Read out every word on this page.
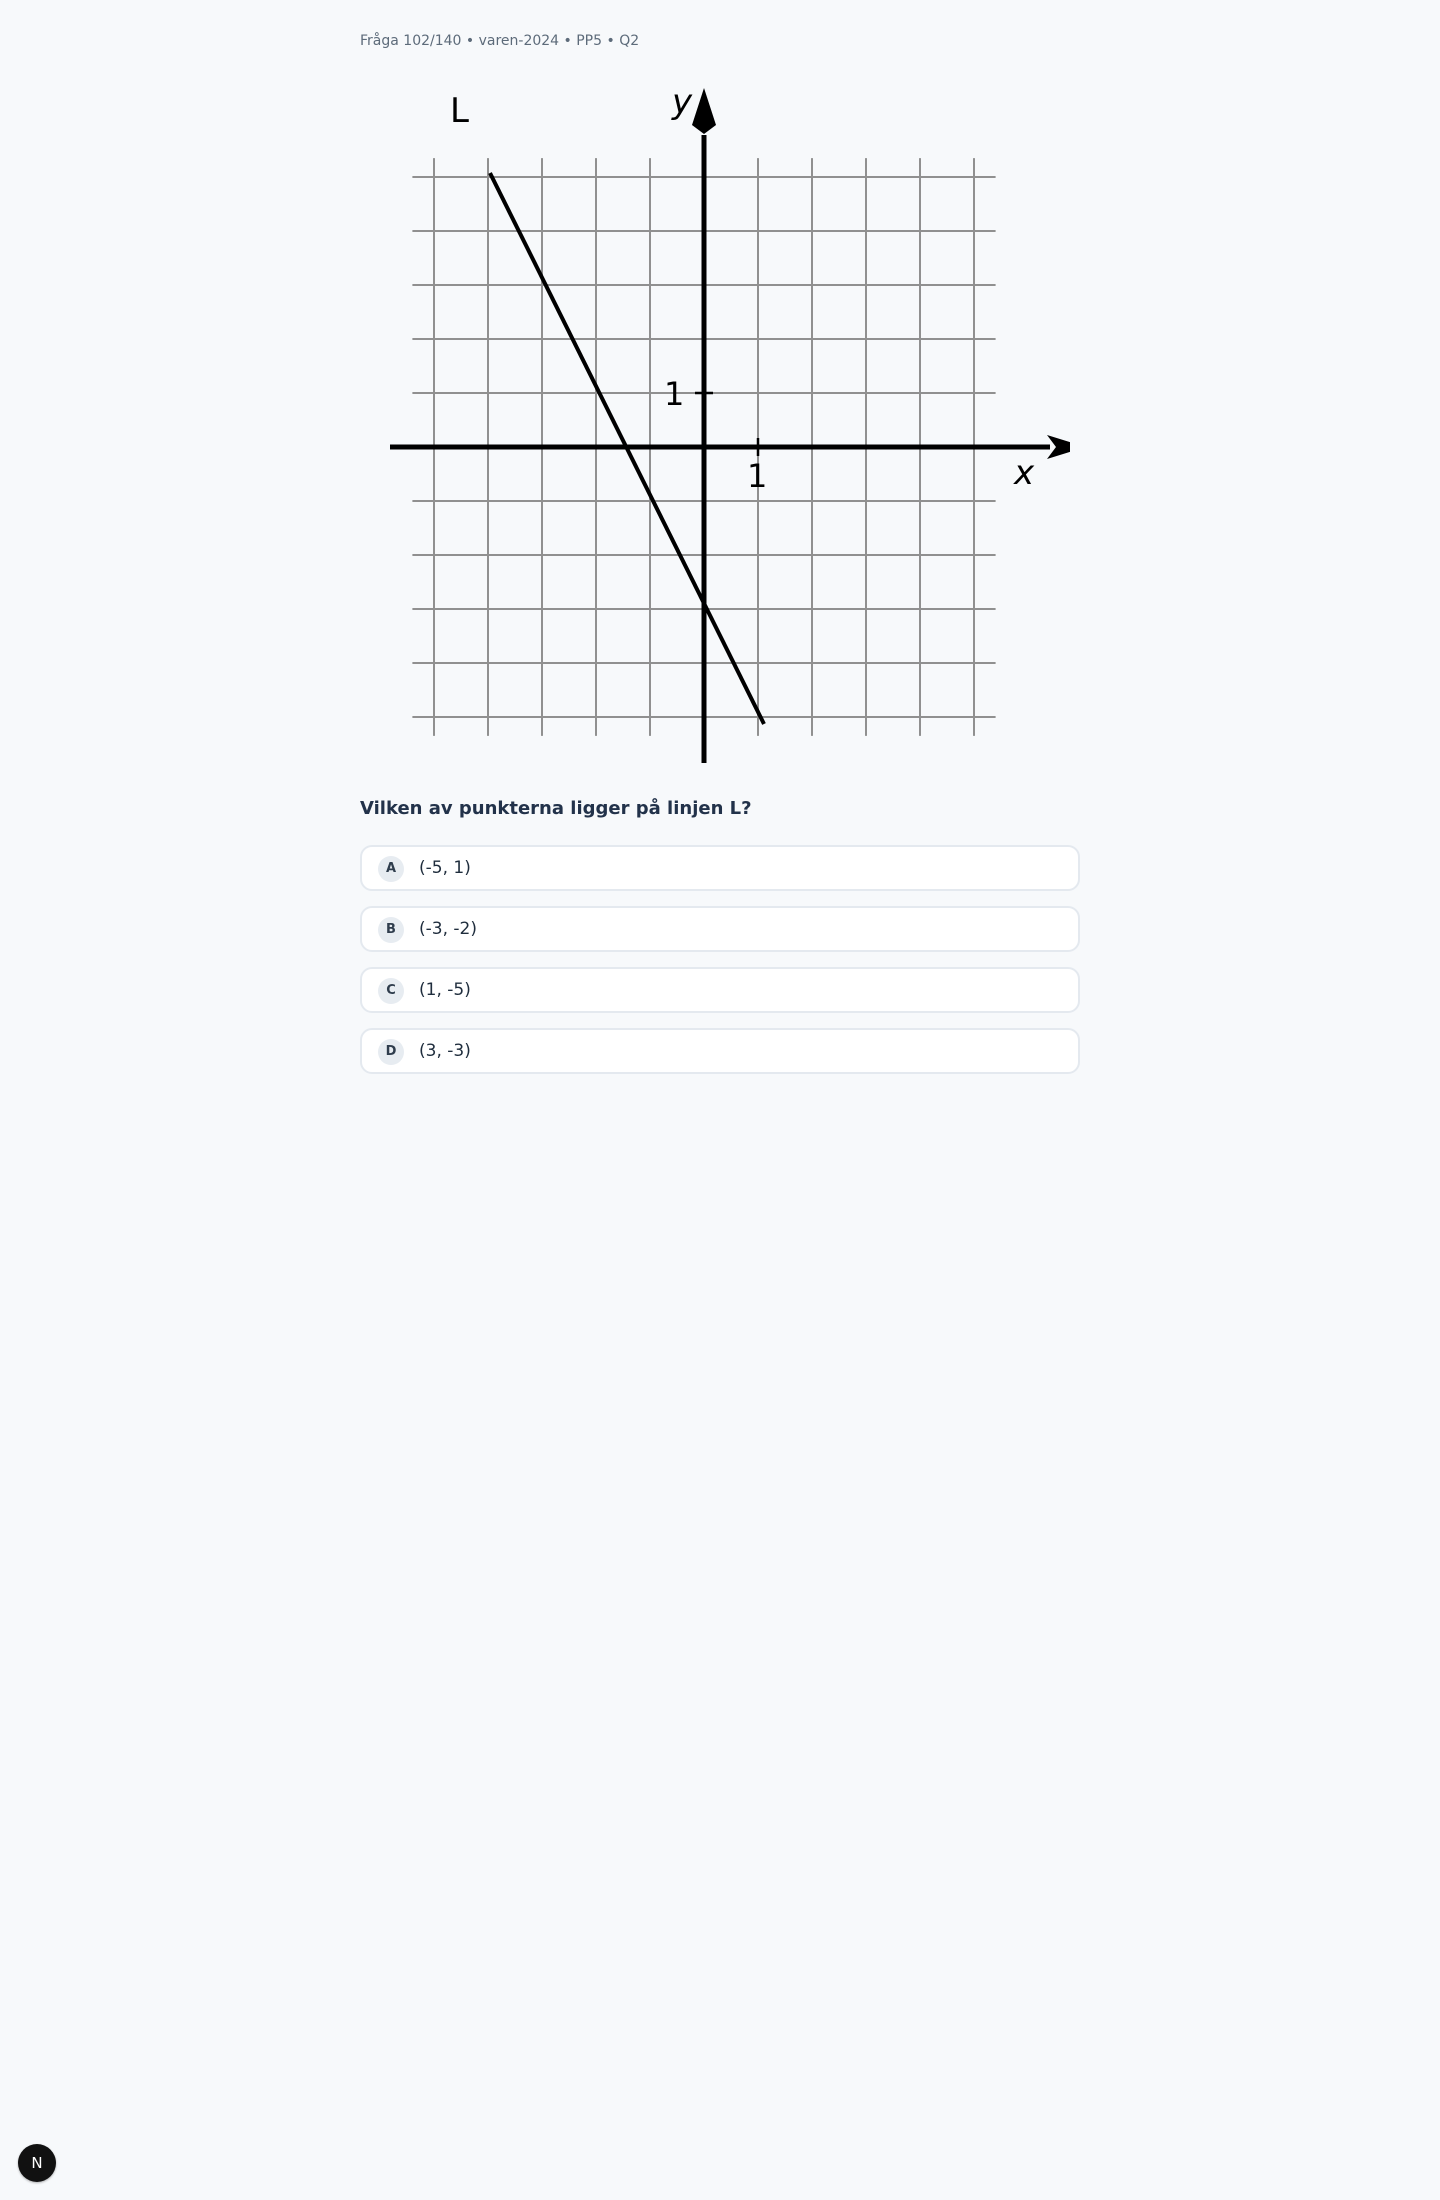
Fråga 102/140 • varen-2024 • PP5 • Q2
L	y
x
1
1
Vilken av punkterna ligger på linjen L?
A	(-5, 1)
B	(-3, -2)
C	(1, -5)
D	(3, -3)
N
